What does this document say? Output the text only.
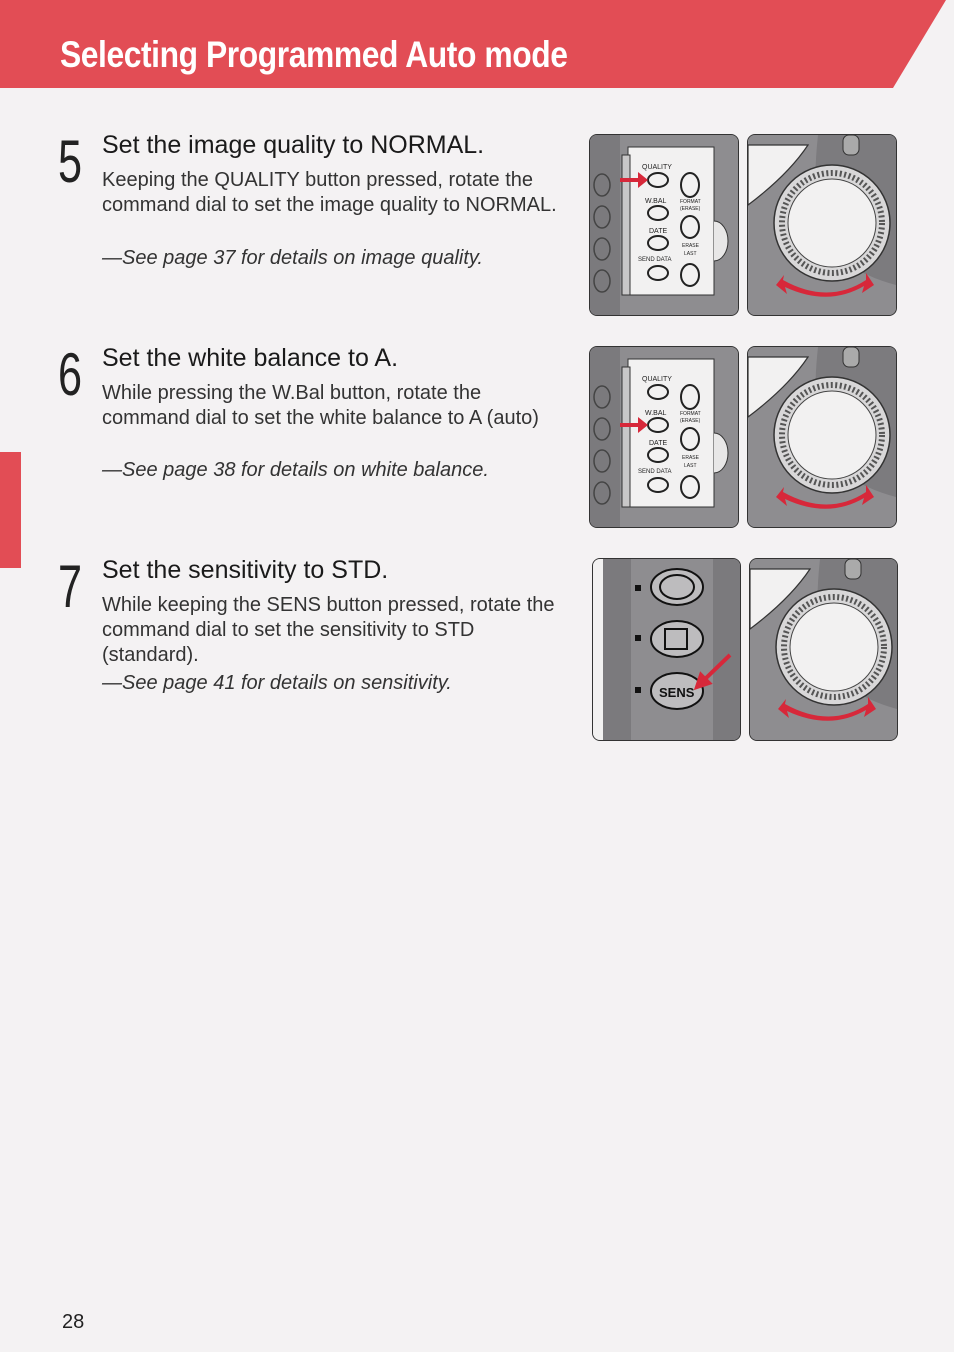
Selecting Programmed Auto mode
5 Set the image quality to NORMAL.
Keeping the QUALITY button pressed, rotate the command dial to set the image quality to NORMAL.
—See page 37 for details on image quality.
6 Set the white balance to A.
While pressing the W.Bal button, rotate the command dial to set the white balance to A (auto)
—See page 38 for details on white balance.
7 Set the sensitivity to STD.
While keeping the SENS button pressed, rotate the command dial to set the sensitivity to STD (standard).
—See page 41 for details on sensitivity.
QUALITY
W.BAL
DATE
SEND DATA
FORMAT
(ERASE)
ERASE
LAST
QUALITY
W.BAL
DATE
SEND DATA
FORMAT
(ERASE)
ERASE
LAST
SENS
28
